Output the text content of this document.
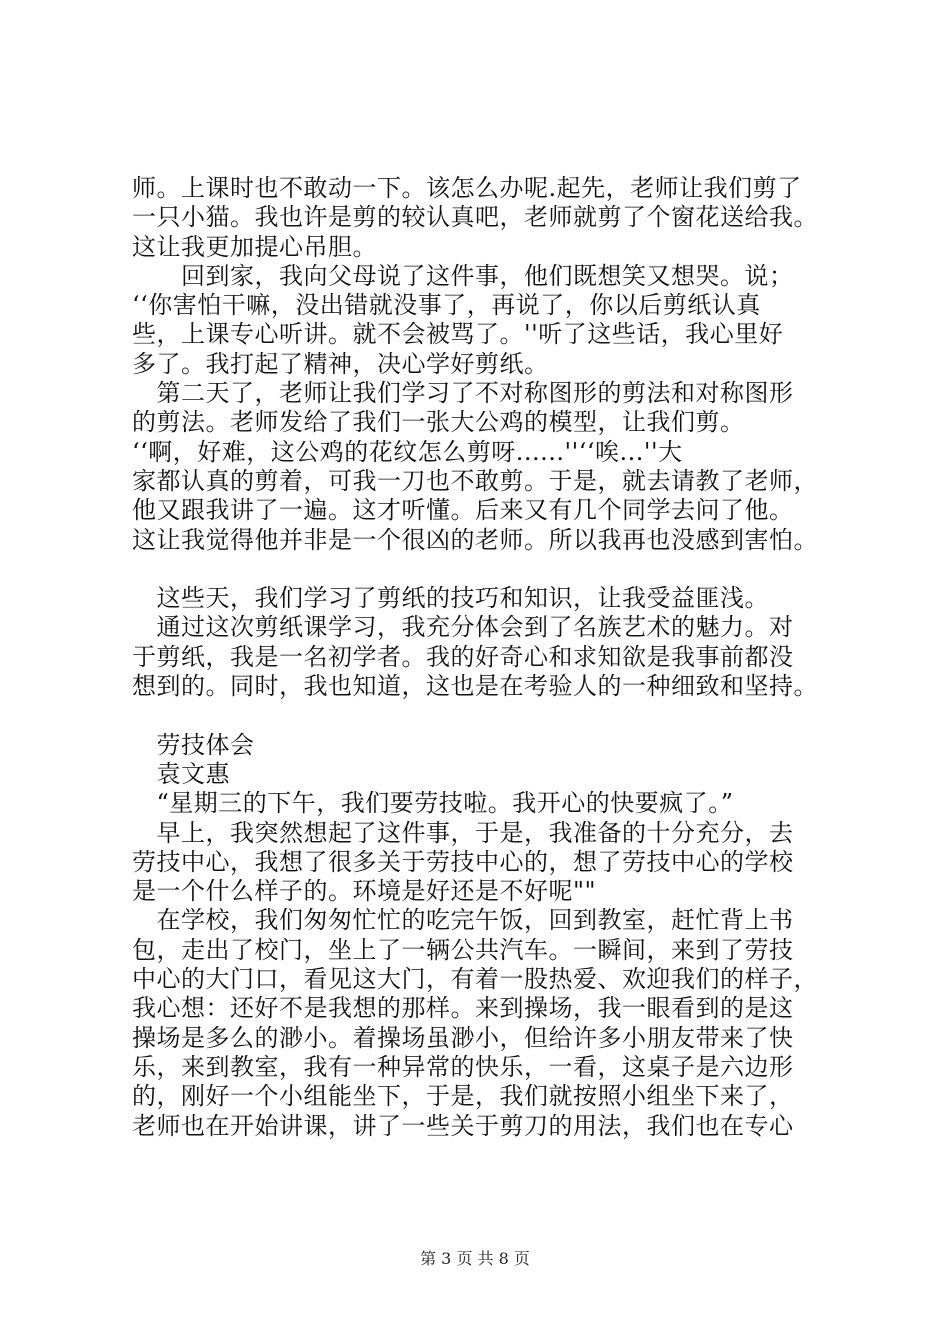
师。上课时也不敢动一下。该怎么办呢.起先，老师让我们剪了
一只小猫。我也许是剪的较认真吧，老师就剪了个窗花送给我。
这让我更加提心吊胆。
　　回到家，我向父母说了这件事，他们既想笑又想哭。说；
‘‘你害怕干嘛，没出错就没事了，再说了，你以后剪纸认真
些，上课专心听讲。就不会被骂了。''听了这些话，我心里好
多了。我打起了精神，决心学好剪纸。
　第二天了，老师让我们学习了不对称图形的剪法和对称图形
的剪法。老师发给了我们一张大公鸡的模型，让我们剪。
‘‘啊，好难，这公鸡的花纹怎么剪呀......''‘‘唉...''大
家都认真的剪着，可我一刀也不敢剪。于是，就去请教了老师，
他又跟我讲了一遍。这才听懂。后来又有几个同学去问了他。
这让我觉得他并非是一个很凶的老师。所以我再也没感到害怕。
　这些天，我们学习了剪纸的技巧和知识，让我受益匪浅。
　通过这次剪纸课学习，我充分体会到了名族艺术的魅力。对
于剪纸，我是一名初学者。我的好奇心和求知欲是我事前都没
想到的。同时，我也知道，这也是在考验人的一种细致和坚持。
　劳技体会
　袁文惠
　“星期三的下午，我们要劳技啦。我开心的快要疯了。”
　早上，我突然想起了这件事，于是，我准备的十分充分，去
劳技中心，我想了很多关于劳技中心的，想了劳技中心的学校
是一个什么样子的。环境是好还是不好呢""
　在学校，我们匆匆忙忙的吃完午饭，回到教室，赶忙背上书
包，走出了校门，坐上了一辆公共汽车。一瞬间，来到了劳技
中心的大门口，看见这大门，有着一股热爱、欢迎我们的样子，
我心想：还好不是我想的那样。来到操场，我一眼看到的是这
操场是多么的渺小。着操场虽渺小，但给许多小朋友带来了快
乐，来到教室，我有一种异常的快乐，一看，这桌子是六边形
的，刚好一个小组能坐下，于是，我们就按照小组坐下来了，
老师也在开始讲课，讲了一些关于剪刀的用法，我们也在专心
第 3 页 共 8 页
